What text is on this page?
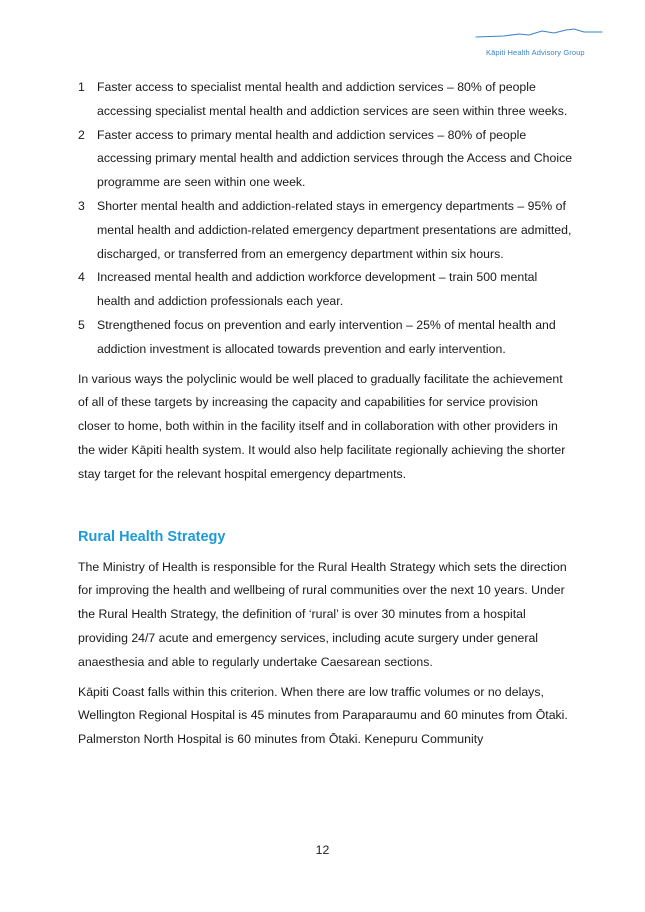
Kāpiti Health Advisory Group
1 Faster access to specialist mental health and addiction services – 80% of people accessing specialist mental health and addiction services are seen within three weeks.
2 Faster access to primary mental health and addiction services – 80% of people accessing primary mental health and addiction services through the Access and Choice programme are seen within one week.
3 Shorter mental health and addiction-related stays in emergency departments – 95% of mental health and addiction-related emergency department presentations are admitted, discharged, or transferred from an emergency department within six hours.
4 Increased mental health and addiction workforce development – train 500 mental health and addiction professionals each year.
5 Strengthened focus on prevention and early intervention – 25% of mental health and addiction investment is allocated towards prevention and early intervention.

In various ways the polyclinic would be well placed to gradually facilitate the achievement of all of these targets by increasing the capacity and capabilities for service provision closer to home, both within in the facility itself and in collaboration with other providers in the wider Kāpiti health system. It would also help facilitate regionally achieving the shorter stay target for the relevant hospital emergency departments.

Rural Health Strategy

The Ministry of Health is responsible for the Rural Health Strategy which sets the direction for improving the health and wellbeing of rural communities over the next 10 years. Under the Rural Health Strategy, the definition of ‘rural’ is over 30 minutes from a hospital providing 24/7 acute and emergency services, including acute surgery under general anaesthesia and able to regularly undertake Caesarean sections.

Kāpiti Coast falls within this criterion. When there are low traffic volumes or no delays, Wellington Regional Hospital is 45 minutes from Paraparaumu and 60 minutes from Ōtaki. Palmerston North Hospital is 60 minutes from Ōtaki. Kenepuru Community

12
